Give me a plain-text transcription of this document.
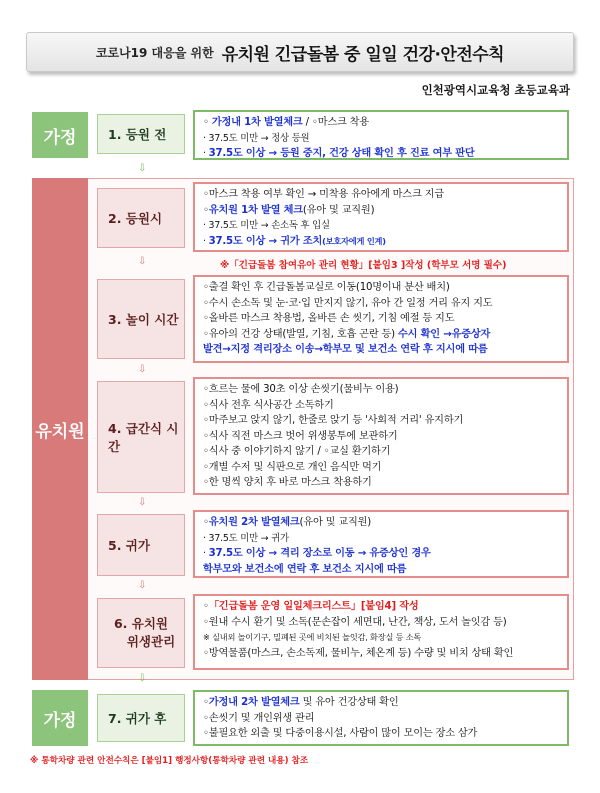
코로나19 대응을 위한 유치원 긴급돌봄 중 일일 건강·안전수칙
인천광역시교육청 초등교육과
가정
유치원
가정
1. 등원 전
◦ 가정내 1차 발열체크 / ◦마스크 착용
· 37.5도 미만 → 정상 등원
· 37.5도 이상 → 등원 중지, 건강 상태 확인 후 진료 여부 판단
⇩
2. 등원시
◦마스크 착용 여부 확인 → 미착용 유아에게 마스크 지급
◦유치원 1차 발열 체크(유아 및 교직원)
· 37.5도 미만 → 손소독 후 입실
· 37.5도 이상 → 귀가 조치(보호자에게 인계)
⇩	※「긴급돌봄 참여유아 관리 현황」[붙임3 ]작성 (학부모 서명 필수)
3. 놀이 시간
◦출결 확인 후 긴급돌봄교실로 이동(10명이내 분산 배치)
◦수시 손소독 및 눈·코·입 만지지 않기, 유아 간 일정 거리 유지 지도
◦올바른 마스크 착용법, 올바른 손 씻기, 기침 예절 등 지도
◦유아의 건강 상태(발열, 기침, 호흡 곤란 등) 수시 확인 →유증상자
발견→지정 격리장소 이송→학부모 및 보건소 연락 후 지시에 따름
⇩
4. 급간식 시간
◦흐르는 물에 30초 이상 손씻기(물비누 이용)
◦식사 전후 식사공간 소독하기
◦마주보고 앉지 않기, 한줄로 앉기 등 '사회적 거리' 유지하기
◦식사 직전 마스크 벗어 위생봉투에 보관하기
◦식사 중 이야기하지 않기 / ◦교실 환기하기
◦개별 수저 및 식판으로 개인 음식만 먹기
◦한 명씩 양치 후 바로 마스크 착용하기
⇩
5. 귀가
◦유치원 2차 발열체크(유아 및 교직원)
· 37.5도 미만 → 귀가
· 37.5도 이상 → 격리 장소로 이동 → 유증상인 경우
학부모와 보건소에 연락 후 보건소 지시에 따름
⇩
6. 유치원
위생관리
◦「긴급돌봄 운영 일일체크리스트」[붙임4] 작성
◦원내 수시 환기 및 소독(문손잡이 세면대, 난간, 책상, 도서 놀잇감 등)
※ 실내외 놀이기구, 밀폐된 곳에 비치된 놀잇감, 화장실 등 소독
◦방역물품(마스크, 손소독제, 물비누, 체온계 등) 수량 및 비치 상태 확인
⇩
7. 귀가 후
◦가정내 2차 발열체크 및 유아 건강상태 확인
◦손씻기 및 개인위생 관리
◦불필요한 외출 및 다중이용시설, 사람이 많이 모이는 장소 삼가
※ 통학차량 관련 안전수칙은 [붙임1] 행정사항(통학차량 관련 내용) 참조
